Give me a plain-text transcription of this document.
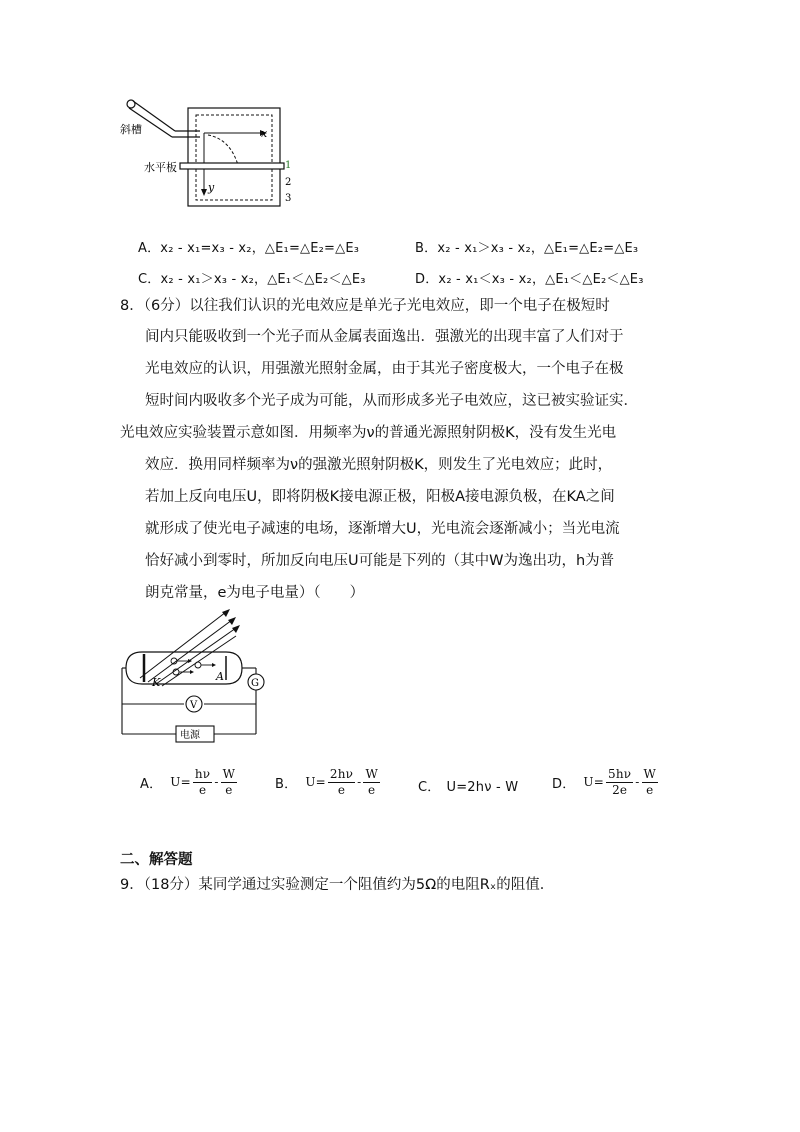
斜槽
水平板
x
y
1
2
3
A．x₂ - x₁=x₃ - x₂，△E₁=△E₂=△E₃	B．x₂ - x₁＞x₃ - x₂，△E₁=△E₂=△E₃
C．x₂ - x₁＞x₃ - x₂，△E₁＜△E₂＜△E₃	D．x₂ - x₁＜x₃ - x₂，△E₁＜△E₂＜△E₃
8．（6分）以往我们认识的光电效应是单光子光电效应，即一个电子在极短时
间内只能吸收到一个光子而从金属表面逸出．强激光的出现丰富了人们对于
光电效应的认识，用强激光照射金属，由于其光子密度极大，一个电子在极
短时间内吸收多个光子成为可能，从而形成多光子电效应，这已被实验证实．
光电效应实验装置示意如图．用频率为ν的普通光源照射阴极K，没有发生光电
效应．换用同样频率为ν的强激光照射阴极K，则发生了光电效应；此时，
若加上反向电压U，即将阴极K接电源正极，阳极A接电源负极，在KA之间
就形成了使光电子减速的电场，逐渐增大U，光电流会逐渐减小；当光电流
恰好减小到零时，所加反向电压U可能是下列的（其中W为逸出功，h为普
朗克常量，e为电子电量）（　　）
K	A
G
V
电源
A． $U= \frac{h\nu}{e} - \frac{W}{e}$	B． $U= \frac{2h\nu}{e} - \frac{W}{e}$	C． U=2hν - W	D． $U= \frac{5h\nu}{2e} - \frac{W}{e}$
二、解答题
9．（18分）某同学通过实验测定一个阻值约为5Ω的电阻Rₓ的阻值．
